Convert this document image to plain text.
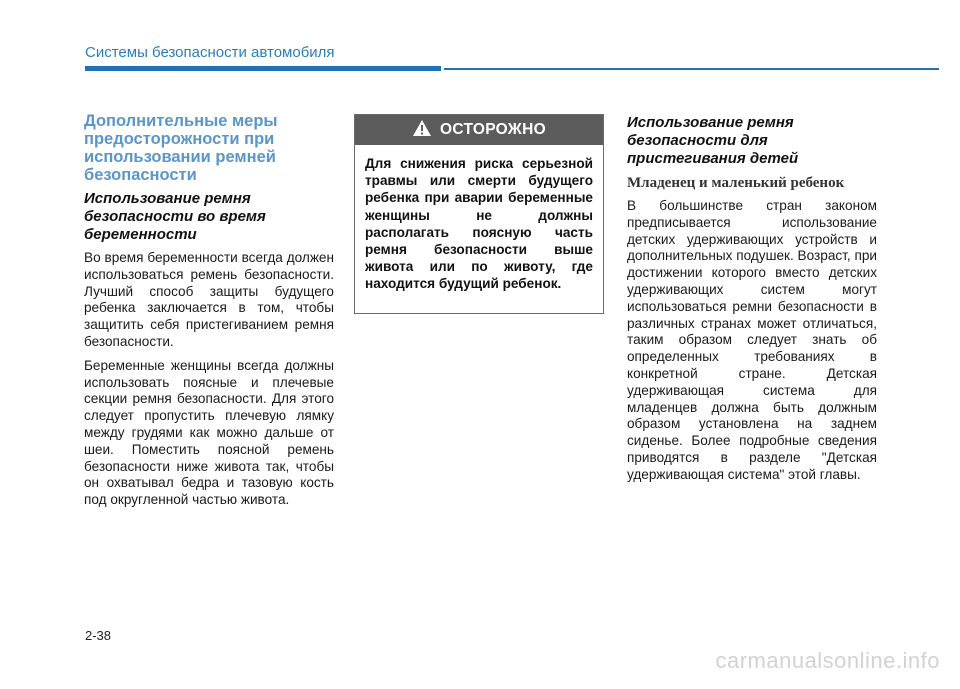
Системы безопасности автомобиля
Дополнительные меры предосторожности при использовании ремней безопасности
Использование ремня безопасности во время беременности

Во время беременности всегда должен использоваться ремень безопасности. Лучший способ защиты будущего ребенка заключается в том, чтобы защитить себя пристегиванием ремня безопасности.

Беременные женщины всегда должны использовать поясные и плечевые секции ремня безопасности. Для этого следует пропустить плечевую лямку между грудями как можно дальше от шеи. Поместить поясной ремень безопасности ниже живота так, чтобы он охватывал бедра и тазовую кость под округленной частью живота.

ОСТОРОЖНО
Для снижения риска серьезной травмы или смерти будущего ребенка при аварии беременные женщины не должны располагать поясную часть ремня безопасности выше живота или по животу, где находится будущий ребенок.
Использование ремня безопасности для пристегивания детей
Младенец и маленький ребенок

В большинстве стран законом предписывается использование детских удерживающих устройств и дополнительных подушек. Возраст, при достижении которого вместо детских удерживающих систем могут использоваться ремни безопасности в различных странах может отличаться, таким образом следует знать об определенных требованиях в конкретной стране. Детская удерживающая система для младенцев должна быть должным образом установлена на заднем сиденье. Более подробные сведения приводятся в разделе "Детская удерживающая система" этой главы.

2-38
carmanualsonline.info
